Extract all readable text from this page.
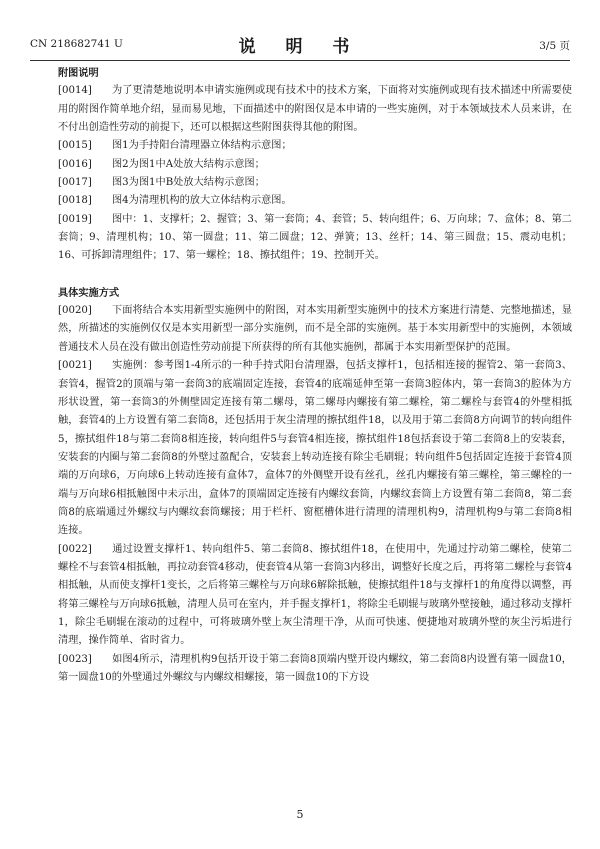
CN 218682741 U	说 明 书	3/5 页
附图说明

[0014] 为了更清楚地说明本申请实施例或现有技术中的技术方案，下面将对实施例或现有技术描述中所需要使用的附图作简单地介绍，显而易见地，下面描述中的附图仅是本申请的一些实施例，对于本领域技术人员来讲，在不付出创造性劳动的前提下，还可以根据这些附图获得其他的附图。

[0015] 图1为手持阳台清理器立体结构示意图；

[0016] 图2为图1中A处放大结构示意图；

[0017] 图3为图1中B处放大结构示意图；

[0018] 图4为清理机构的放大立体结构示意图。

[0019] 图中：1、支撑杆；2、握管；3、第一套筒；4、套管；5、转向组件；6、万向球；7、盒体；8、第二套筒；9、清理机构；10、第一圆盘；11、第二圆盘；12、弹簧；13、丝杆；14、第三圆盘；15、震动电机；16、可拆卸清理组件；17、第一螺栓；18、擦拭组件；19、控制开关。

具体实施方式

[0020] 下面将结合本实用新型实施例中的附图，对本实用新型实施例中的技术方案进行清楚、完整地描述，显然，所描述的实施例仅仅是本实用新型一部分实施例，而不是全部的实施例。基于本实用新型中的实施例，本领域普通技术人员在没有做出创造性劳动前提下所获得的所有其他实施例，都属于本实用新型保护的范围。

[0021] 实施例：参考图1-4所示的一种手持式阳台清理器，包括支撑杆1，包括相连接的握管2、第一套筒3、套管4，握管2的顶端与第一套筒3的底端固定连接，套管4的底端延伸至第一套筒3腔体内，第一套筒3的腔体为方形状设置，第一套筒3的外侧壁固定连接有第二螺母，第二螺母内螺接有第二螺栓，第二螺栓与套管4的外壁相抵触，套管4的上方设置有第二套筒8，还包括用于灰尘清理的擦拭组件18，以及用于第二套筒8方向调节的转向组件5，擦拭组件18与第二套筒8相连接，转向组件5与套管4相连接，擦拭组件18包括套设于第二套筒8上的安装套，安装套的内圈与第二套筒8的外壁过盈配合，安装套上转动连接有除尘毛刷辊；转向组件5包括固定连接于套管4顶端的万向球6，万向球6上转动连接有盒体7，盒体7的外侧壁开设有丝孔，丝孔内螺接有第三螺栓，第三螺栓的一端与万向球6相抵触图中未示出，盒体7的顶端固定连接有内螺纹套筒，内螺纹套筒上方设置有第二套筒8，第二套筒8的底端通过外螺纹与内螺纹套筒螺接；用于栏杆、窗框槽体进行清理的清理机构9，清理机构9与第二套筒8相连接。

[0022] 通过设置支撑杆1、转向组件5、第二套筒8、擦拭组件18，在使用中，先通过拧动第二螺栓，使第二螺栓不与套管4相抵触，再拉动套管4移动，使套管4从第一套筒3内移出，调整好长度之后，再将第二螺栓与套管4相抵触，从而使支撑杆1变长，之后将第三螺栓与万向球6解除抵触，使擦拭组件18与支撑杆1的角度得以调整，再将第三螺栓与万向球6抵触，清理人员可在室内，并手握支撑杆1，将除尘毛刷辊与玻璃外壁接触，通过移动支撑杆1，除尘毛刷辊在滚动的过程中，可将玻璃外壁上灰尘清理干净，从而可快速、便捷地对玻璃外壁的灰尘污垢进行清理，操作简单、省时省力。

[0023] 如图4所示，清理机构9包括开设于第二套筒8顶端内壁开设内螺纹，第二套筒8内设置有第一圆盘10，第一圆盘10的外壁通过外螺纹与内螺纹相螺接，第一圆盘10的下方设

5
